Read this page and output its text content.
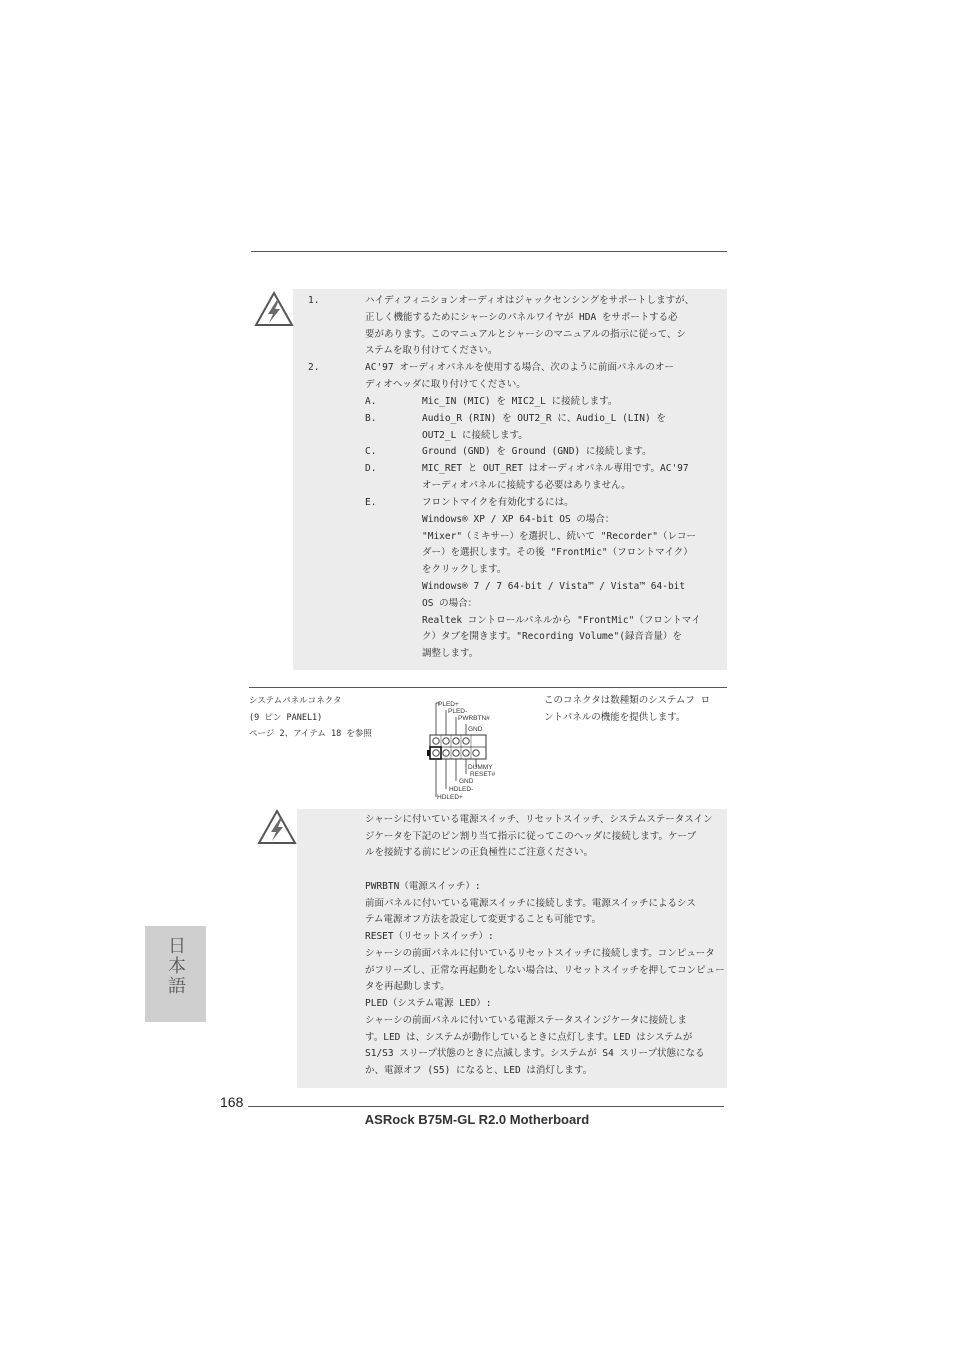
1.	ハイディフィニションオーディオはジャックセンシングをサポートしますが、
正しく機能するためにシャーシのパネルワイヤが HDA をサポートする必
要があります。このマニュアルとシャーシのマニュアルの指示に従って、シ
ステムを取り付けてください。
2.	AC'97 オーディオパネルを使用する場合、次のように前面パネルのオー
ディオヘッダに取り付けてください。
A.	Mic_IN (MIC) を MIC2_L に接続します。
B.	Audio_R (RIN) を OUT2_R に、Audio_L (LIN) を
OUT2_L に接続します。
C.	Ground (GND) を Ground (GND) に接続します。
D.	MIC_RET と OUT_RET はオーディオパネル専用です。AC'97
オーディオパネルに接続する必要はありません。
E.	フロントマイクを有効化するには。
Windows® XP / XP 64-bit OS の場合：
"Mixer"（ミキサー）を選択し、続いて "Recorder"（レコー
ダー）を選択します。その後 "FrontMic"（フロントマイク）
をクリックします。
Windows® 7 / 7 64-bit / Vista™ / Vista™ 64-bit
OS の場合：
Realtek コントロールパネルから "FrontMic"（フロントマイ
ク）タブを開きます。"Recording Volume"(録音音量）を
調整します。
システムパネルコネクタ
(9 ピン PANEL1)
ページ 2、アイテム 18 を参照
このコネクタは数種類のシステムフ ロ
ントパネルの機能を提供します。
PLED+
PLED-
PWRBTN#
GND
DUMMY
RESET#
GND
HDLED-
HDLED+
シャーシに付いている電源スイッチ、リセットスイッチ、システムステータスイン
ジケータを下記のピン割り当て指示に従ってこのヘッダに接続します。ケーブ
ルを接続する前にピンの正負極性にご注意ください。
PWRBTN（電源スイッチ）:
前面パネルに付いている電源スイッチに接続します。電源スイッチによるシス
テム電源オフ方法を設定して変更することも可能です。
RESET（リセットスイッチ）:
シャーシの前面パネルに付いているリセットスイッチに接続します。コンピュータ
がフリーズし、正常な再起動をしない場合は、リセットスイッチを押してコンピュー
タを再起動します。
PLED（システム電源 LED）:
シャーシの前面パネルに付いている電源ステータスインジケータに接続しま
す。LED は、システムが動作しているときに点灯します。LED はシステムが
S1/S3 スリープ状態のときに点滅します。システムが S4 スリープ状態になる
か、電源オフ (S5) になると、LED は消灯します。
日本語
168
ASRock B75M-GL R2.0 Motherboard
